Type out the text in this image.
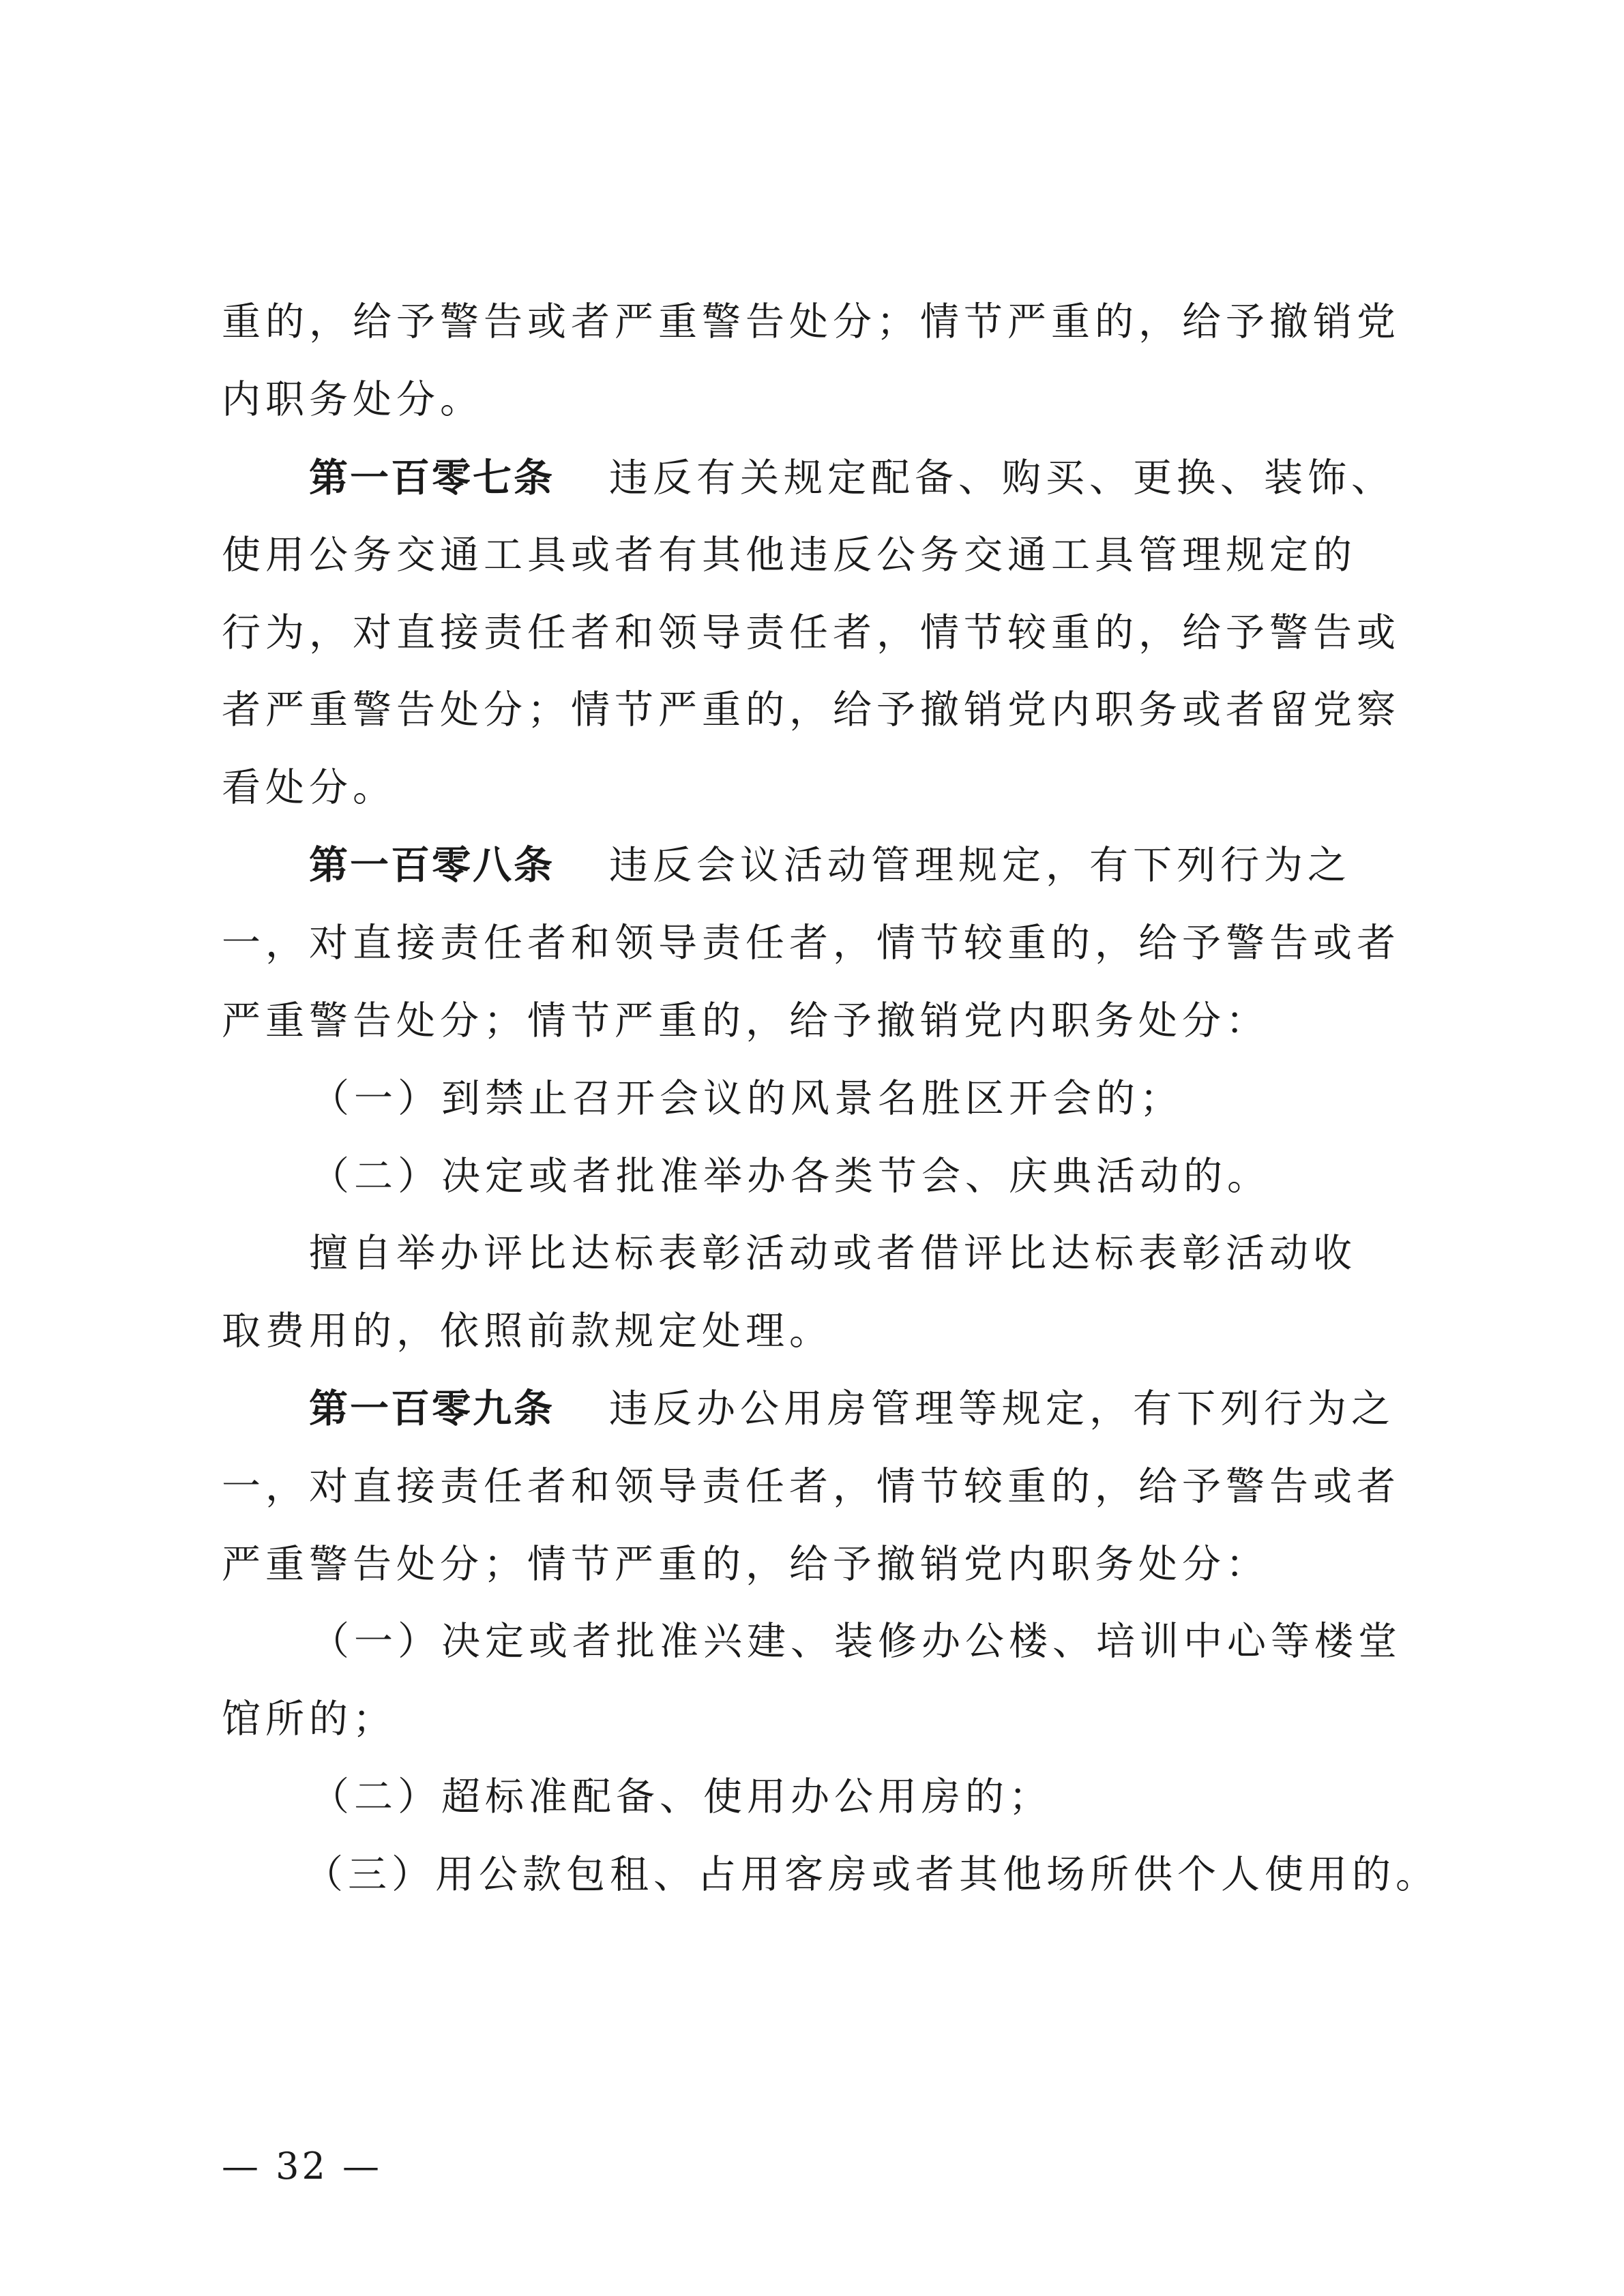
重的，给予警告或者严重警告处分；情节严重的，给予撤销党
内职务处分。
第一百零七条 违反有关规定配备、购买、更换、装饰、
使用公务交通工具或者有其他违反公务交通工具管理规定的
行为，对直接责任者和领导责任者，情节较重的，给予警告或
者严重警告处分；情节严重的，给予撤销党内职务或者留党察
看处分。
第一百零八条 违反会议活动管理规定，有下列行为之
一，对直接责任者和领导责任者，情节较重的，给予警告或者
严重警告处分；情节严重的，给予撤销党内职务处分：
（一）到禁止召开会议的风景名胜区开会的；
（二）决定或者批准举办各类节会、庆典活动的。
擅自举办评比达标表彰活动或者借评比达标表彰活动收
取费用的，依照前款规定处理。
第一百零九条 违反办公用房管理等规定，有下列行为之
一，对直接责任者和领导责任者，情节较重的，给予警告或者
严重警告处分；情节严重的，给予撤销党内职务处分：
（一）决定或者批准兴建、装修办公楼、培训中心等楼堂
馆所的；
（二）超标准配备、使用办公用房的；
（三）用公款包租、占用客房或者其他场所供个人使用的。
— 32 —
